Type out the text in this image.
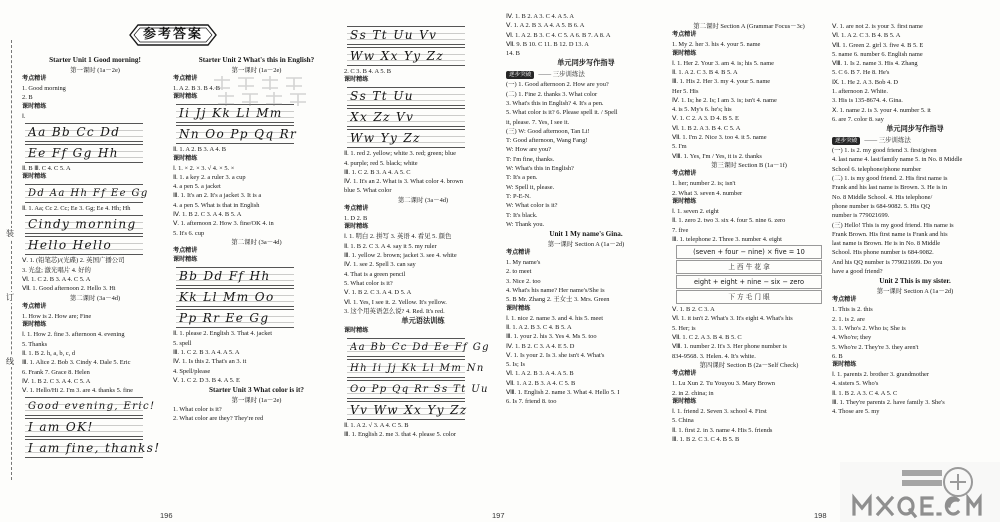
参考答案
装
订
线
Starter Unit 1 Good morning!
第一课时 (1a－2e)
考点精讲
1. Good morning
2. B
课时精练
Ⅰ.
Aa Bb Cc Dd
Ee Ff Gg Hh
Ⅱ. B Ⅲ. C 4. C 5. A
课时精练
Dd Aa Hh Ff Ee Gg
Ⅱ. 1. Aa; Cc 2. Cc; Ee 3. Gg; Ee 4. Hh; Hh
Cindy morning
Hello Hello
Ⅴ. 1. (铅笔芯)/(光碟) 2. 英国广播公司
3. 光盘; 激光唱片 4. 好的
Ⅵ. 1. C 2. B 3. A 4. C 5. A
Ⅶ. 1. Good afternoon 2. Hello 3. Hi
第二课时 (3a－4d)
考点精讲
1. How is 2. How are; Fine
课时精练
Ⅰ. 1. How 2. fine 3. afternoon 4. evening
5. Thanks
Ⅱ. 1. B 2. h, a, b, c, d
Ⅲ. 1. Alice 2. Bob 3. Cindy 4. Dale 5. Eric
6. Frank 7. Grace 8. Helen
Ⅳ. 1. B 2. C 3. A 4. C 5. A
Ⅴ. 1. Hello/Hi 2. I'm 3. are 4. thanks 5. fine
Good evening, Eric!
I am OK!
I am fine, thanks!
Starter Unit 2 What's this in English?
第一课时 (1a－2e)
考点精讲
1. A 2. B 3. B 4. B
课时精练
Ii Jj Kk Ll Mm
Nn Oo Pp Qq Rr
Ⅱ. 1. A 2. B 3. A 4. B
课时精练
Ⅰ. 1. × 2. × 3. √ 4. × 5. ×
Ⅱ. 1. a key 2. a ruler 3. a cup
4. a pen 5. a jacket
Ⅲ. 1. It's an 2. It's a jacket 3. It is a
4. a pen 5. What is that in English
Ⅳ. 1. B 2. C 3. A 4. B 5. A
Ⅴ. 1. afternoon 2. How 3. fine/OK 4. in
5. It's 6. cup
第二课时 (3a－4d)
考点精讲
课时精练
Bb Dd Ff Hh
Kk Ll Mm Oo
Pp Rr Ee Gg
Ⅱ. 1. please 2. English 3. That 4. jacket
5. spell
Ⅲ. 1. C 2. B 3. A 4. A 5. A
Ⅳ. 1. Is this 2. That's an 3. it
4. Spell/please
Ⅴ. 1. C 2. D 3. B 4. A 5. E
Starter Unit 3 What color is it?
第一课时 (1a－2e)
1. What color is it?
2. What color are they? They're red
Ss Tt Uu Vv
Ww Xx Yy Zz
2. C 3. B 4. A 5. B
课时精练
Ss Tt Uu
Xx Zz Vv
Ww Yy Zz
Ⅱ. 1. red 2. yellow; white 3. red; green; blue
4. purple; red 5. black; white
Ⅲ. 1. C 2. B 3. A 4. A 5. C
Ⅳ. 1. It's an 2. What is 3. What color 4. brown
blue 5. What color
第二课时 (3a－4d)
考点精讲
1. D 2. B
课时精练
Ⅰ. 1. 明白 2. 拼写 3. 英语 4. 看见 5. 颜色
Ⅱ. 1. B 2. C 3. A 4. say it 5. my ruler
Ⅲ. 1. yellow 2. brown; jacket 3. see 4. white
Ⅳ. 1. see 2. Spell 3. can say
4. That is a green pencil
5. What color is it?
Ⅴ. 1. B 2. C 3. A 4. D 5. A
Ⅵ. 1. Yes, I see it. 2. Yellow. It's yellow.
3. 这个用英语怎么说? 4. Red. It's red.
单元语法训练
课时精练
Aa Bb Cc Dd Ee Ff Gg
Hh Ii Jj Kk Ll Mm Nn
Oo Pp Qq Rr Ss Tt Uu
Vv Ww Xx Yy Zz
Ⅱ. 1. A 2. √ 3. A 4. C 5. B
Ⅲ. 1. English 2. me 3. that 4. please 5. color
Ⅳ. 1. B 2. A 3. C 4. A 5. A
Ⅴ. 1. A 2. B 3. A 4. A 5. B 6. A
Ⅵ. 1. A 2. B 3. C 4. C 5. A 6. B 7. A 8. A
Ⅶ. 9. B 10. C 11. B 12. D 13. A
14. B
单元同步写作指导
逐步突破 —— 三步训练法
(一) 1. Good afternoon 2. How are you?
(二) 1. Fine 2. thanks 3. What color
3. What's this in English? 4. It's a pen.
5. What color is it? 6. Please spell it. / Spell
it, please. 7. Yes, I see it.
(三) W: Good afternoon, Tan Li!
T: Good afternoon, Wang Fang!
W: How are you?
T: I'm fine, thanks.
W: What's this in English?
T: It's a pen.
W: Spell it, please.
T: P-E-N.
W: What color is it?
T: It's black.
W: Thank you.
Unit 1 My name's Gina.
第一课时 Section A (1a－2d)
考点精讲
1. My name's
2. to meet
3. Nice 2. too
4. What's his name? Her name's/She is
5. B Mr. Zhang 2. 王女士 3. Mrs. Green
课时精练
Ⅰ. 1. nice 2. name 3. and 4. his 5. meet
Ⅱ. 1. A 2. B 3. C 4. B 5. A
Ⅲ. 1. your 2. his 3. Yes 4. Ms 5. too
Ⅳ. 1. B 2. C 3. A 4. E 5. D
Ⅴ. 1. Is your 2. Is 3. she isn't 4. What's
5. Is; Is
Ⅵ. 1. A 2. B 3. A 4. A 5. B
Ⅶ. 1. A 2. B 3. A 4. C 5. B
Ⅷ. 1. English 2. name 3. What 4. Hello 5. I
6. Is 7. friend 8. too
第二课时 Section A (Grammar Focus－3c)
考点精讲
1. My 2. her 3. his 4. your 5. name
课时精练
Ⅰ. 1. Her 2. Your 3. am 4. is; his 5. name
Ⅱ. 1. A 2. C 3. B 4. B 5. A
Ⅲ. 1. His 2. Her 3. my 4. your 5. name
Her 5. His
Ⅳ. 1. Is; he 2. Is; I am 3. is; isn't 4. name
4. is 5. My's 6. he's; his
Ⅴ. 1. C 2. A 3. D 4. B 5. E
Ⅵ. 1. B 2. A 3. B 4. C 5. A
Ⅶ. 1. I'm 2. Nice 3. too 4. it 5. name
5. I'm
Ⅷ. 1. Yes, I'm / Yes, it is 2. thanks
第三课时 Section B (1a－1f)
考点精讲
1. her; number 2. is; isn't
2. What 3. seven 4. number
课时精练
Ⅰ. 1. seven 2. eight
Ⅱ. 1. zero 2. two 3. six 4. four 5. nine 6. zero
7. five
Ⅲ. 1. telephone 2. Three 3. number 4. eight
(seven + four − nine) × five = 10
上 西 牛 花 拿
eight + eight + nine − six − zero
下 方 毛 门 眼
Ⅴ. 1. B 2. C 3. A
Ⅵ. 1. it isn't 2. What's 3. It's eight 4. What's his
5. Her; is
Ⅶ. 1. C 2. A 3. B 4. B 5. C
Ⅷ. 1. number 2. It's 3. Her phone number is
834-9568. 3. Helen. 4. It's white.
第四课时 Section B (2a－Self Check)
考点精讲
1. Lu Xun 2. Tu Youyou 3. Mary Brown
2. in 2. china; in
课时精练
Ⅰ. 1. friend 2. Seven 3. school 4. First
5. China
Ⅱ. 1. first 2. in 3. name 4. His 5. friends
Ⅲ. 1. B 2. C 3. C 4. B 5. B
Ⅴ. 1. are not 2. is your 3. first name
Ⅵ. 1. A 2. C 3. B 4. B 5. A
Ⅶ. 1. Green 2. girl 3. five 4. B 5. E
5. name 6. number 6. English name
Ⅷ. 1. Is 2. name 3. His 4. Zhang
5. C 6. B 7. He 8. He's
Ⅸ. 1. He 2. A 3. Bob 4. D
1. afternoon 2. White.
3. His is 135-8674. 4. Gina.
Ⅹ. 1. name 2. is 3. your 4. number 5. it
6. are 7. color 8. say
单元同步写作指导
逐步突破 —— 三步训练法
(一) 1. is 2. my good friend 3. first/given
4. last name 4. last/family name 5. in No. 8 Middle
School 6. telephone/phone number
(二) 1. is my good friend. 2. His first name is
Frank and his last name is Brown. 3. He is in
No. 8 Middle School. 4. His telephone/
phone number is 684-9082. 5. His QQ
number is 779021699.
(三) Hello! This is my good friend. His name is
Frank Brown. His first name is Frank and his
last name is Brown. He is in No. 8 Middle
School. His phone number is 684-9082.
And his QQ number is 779021699. Do you
have a good friend?
Unit 2 This is my sister.
第一课时 Section A (1a－2d)
考点精讲
1. This is 2. this
2. 1. is 2. are
3. 1. Who's 2. Who is; She is
4. Who're; they
5. Who're 2. They're 3. they aren't
6. B
课时精练
Ⅰ. 1. parents 2. brother 3. grandmother
4. sisters 5. Who's
Ⅱ. 1. B 2. A 3. C 4. A 5. C
Ⅲ. 1. They're parents 2. have family 3. She's
4. Those are 5. my
196	197	198
